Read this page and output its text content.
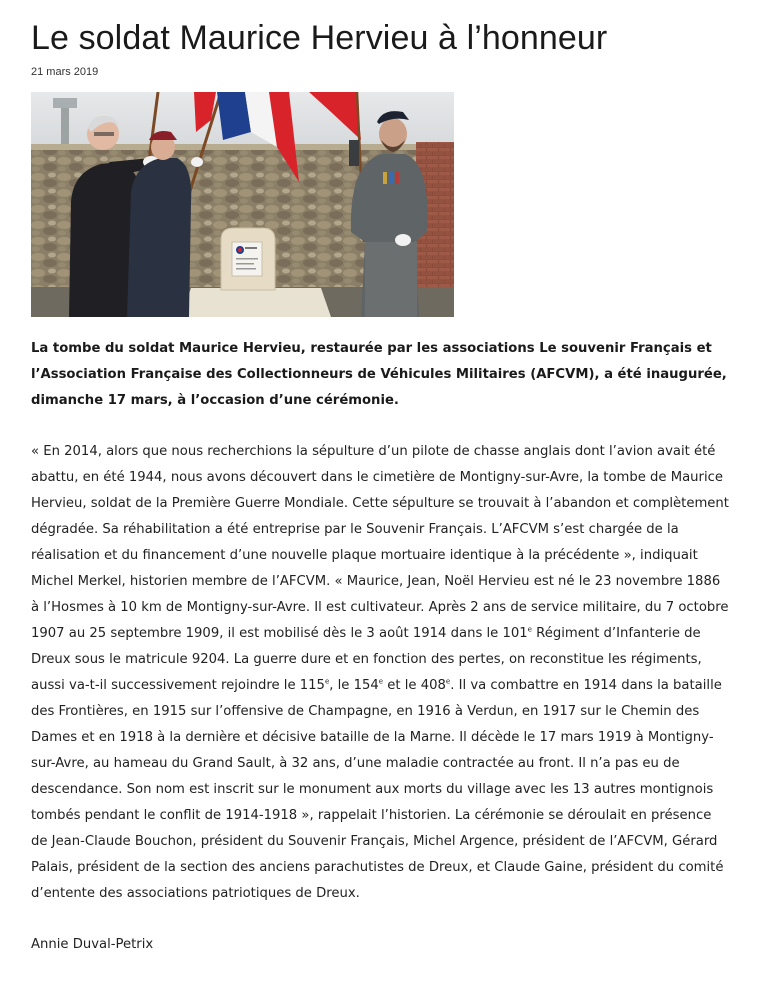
Le soldat Maurice Hervieu à l’honneur
21 mars 2019

La tombe du soldat Maurice Hervieu, restaurée par les associations Le souvenir Français et l’Association Française des Collectionneurs de Véhicules Militaires (AFCVM), a été inaugurée, dimanche 17 mars, à l’occasion d’une cérémonie.

« En 2014, alors que nous recherchions la sépulture d’un pilote de chasse anglais dont l’avion avait été abattu, en été 1944, nous avons découvert dans le cimetière de Montigny-sur-Avre, la tombe de Maurice Hervieu, soldat de la Première Guerre Mondiale. Cette sépulture se trouvait à l’abandon et complètement dégradée. Sa réhabilitation a été entreprise par le Souvenir Français. L’AFCVM s’est chargée de la réalisation et du financement d’une nouvelle plaque mortuaire identique à la précédente », indiquait Michel Merkel, historien membre de l’AFCVM. « Maurice, Jean, Noël Hervieu est né le 23 novembre 1886 à l’Hosmes à 10 km de Montigny-sur-Avre. Il est cultivateur. Après 2 ans de service militaire, du 7 octobre 1907 au 25 septembre 1909, il est mobilisé dès le 3 août 1914 dans le 101e Régiment d’Infanterie de Dreux sous le matricule 9204. La guerre dure et en fonction des pertes, on reconstitue les régiments, aussi va-t-il successivement rejoindre le 115e, le 154e et le 408e. Il va combattre en 1914 dans la bataille des Frontières, en 1915 sur l’offensive de Champagne, en 1916 à Verdun, en 1917 sur le Chemin des Dames et en 1918 à la dernière et décisive bataille de la Marne. Il décède le 17 mars 1919 à Montigny-sur-Avre, au hameau du Grand Sault, à 32 ans, d’une maladie contractée au front. Il n’a pas eu de descendance. Son nom est inscrit sur le monument aux morts du village avec les 13 autres montignois tombés pendant le conflit de 1914-1918 », rappelait l’historien. La cérémonie se déroulait en présence de Jean-Claude Bouchon, président du Souvenir Français, Michel Argence, président de l’AFCVM, Gérard Palais, président de la section des anciens parachutistes de Dreux, et Claude Gaine, président du comité d’entente des associations patriotiques de Dreux.

Annie Duval-Petrix
